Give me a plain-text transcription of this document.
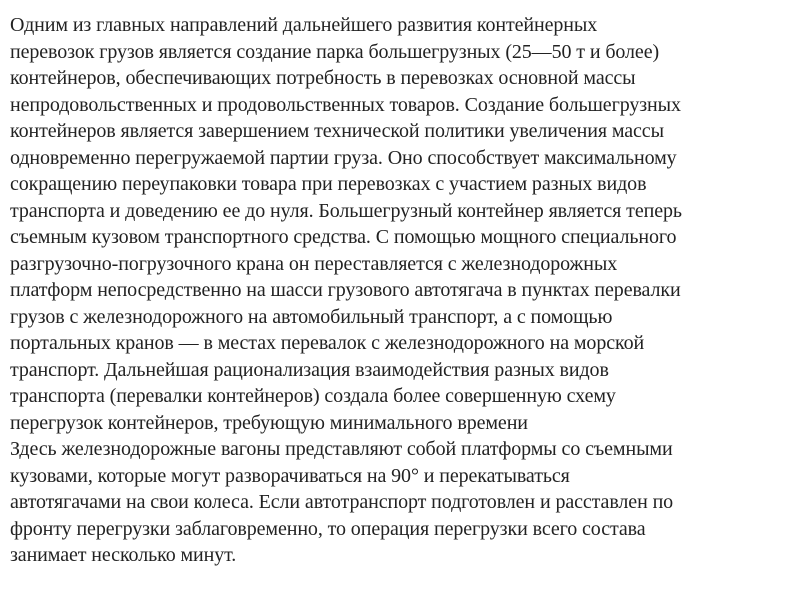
Одним из главных направлений дальнейшего развития контейнерных
перевозок грузов является создание парка большегрузных (25—50 т и более)
контейнеров, обеспечивающих потребность в перевозках основной массы
непродовольственных и продовольственных товаров. Создание большегрузных
контейнеров является завершением технической политики увеличения массы
одновременно перегружаемой партии груза. Оно способствует максимальному
сокращению переупаковки товара при перевозках с участием разных видов
транспорта и доведению ее до нуля. Большегрузный контейнер является теперь
съемным кузовом транспортного средства. С помощью мощного специального
разгрузочно-погрузочного крана он переставляется с железнодорожных
платформ непосредственно на шасси грузового автотягача в пунктах перевалки
грузов с железнодорожного на автомобильный транспорт, а с помощью
портальных кранов — в местах перевалок с железнодорожного на морской
транспорт. Дальнейшая рационализация взаимодействия разных видов
транспорта (перевалки контейнеров) создала более совершенную схему
перегрузок контейнеров, требующую минимального времени

Здесь железнодорожные вагоны представляют собой платформы со съемными
кузовами, которые могут разворачиваться на 90° и перекатываться
автотягачами на свои колеса. Если автотранспорт подготовлен и расставлен по
фронту перегрузки заблаговременно, то операция перегрузки всего состава
занимает несколько минут.
